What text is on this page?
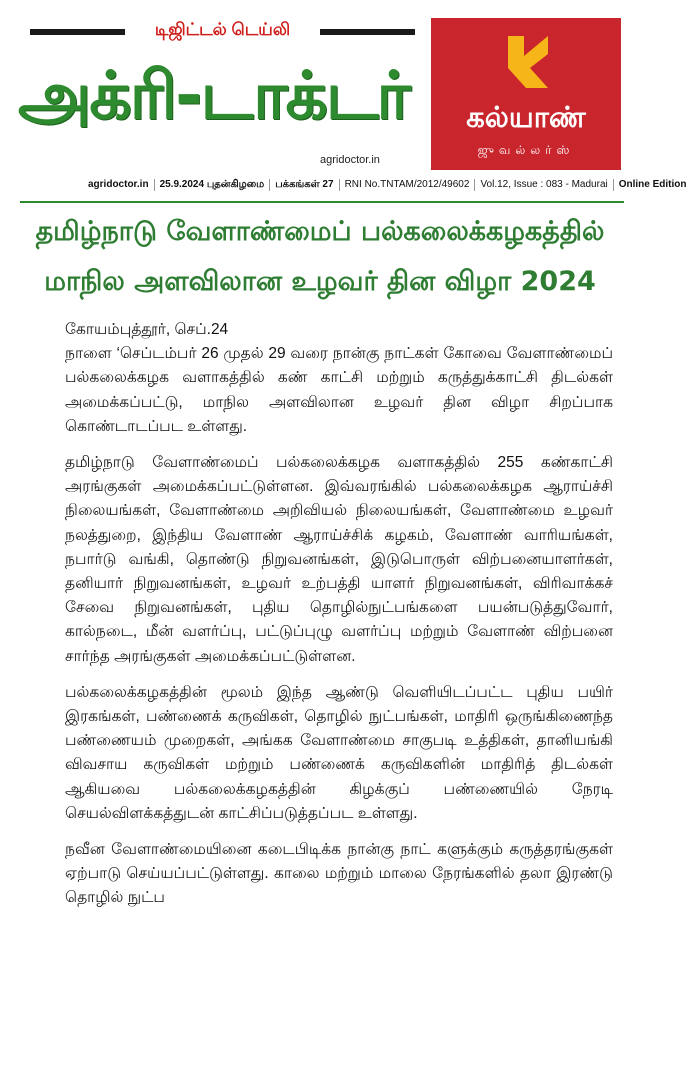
டிஜிட்டல் டெய்லி
அக்ரி-டாக்டர்
agridoctor.in
கல்யாண்
ஜுவல்லர்ஸ்
agridoctor.in	25.9.2024 புதன்கிழமை	பக்கங்கள் 27	RNI No.TNTAM/2012/49602	Vol.12, Issue : 083 - Madurai	Online Edition
தமிழ்நாடு வேளாண்மைப் பல்கலைக்கழகத்தில்
மாநில அளவிலான உழவர் தின விழா 2024

கோயம்புத்தூர், செப்.24

நாளை ‘செப்டம்பர் 26 முதல் 29 வரை நான்கு நாட்கள் கோவை வேளாண்மைப் பல்கலைக்கழக வளாகத்தில் கண் காட்சி மற்றும் கருத்துக்காட்சி திடல்கள் அமைக்கப்பட்டு, மாநில அளவிலான உழவர் தின விழா சிறப்பாக கொண்டாடப்பட உள்ளது.

தமிழ்நாடு வேளாண்மைப் பல்கலைக்கழக வளாகத்தில் 255 கண்காட்சி அரங்குகள் அமைக்கப்பட்டுள்ளன. இவ்வரங்கில் பல்கலைக்கழக ஆராய்ச்சி நிலையங்கள், வேளாண்மை அறிவியல் நிலையங்கள், வேளாண்மை உழவர் நலத்துறை, இந்திய வேளாண் ஆராய்ச்சிக் கழகம், வேளாண் வாரியங்கள், நபார்டு வங்கி, தொண்டு நிறுவனங்கள், இடுபொருள் விற்பனையாளர்கள், தனியார் நிறுவனங்கள், உழவர் உற்பத்தி யாளர் நிறுவனங்கள், விரிவாக்கச் சேவை நிறுவனங்கள், புதிய தொழில்நுட்பங்களை பயன்படுத்துவோர், கால்நடை, மீன் வளர்ப்பு, பட்டுப்புழு வளர்ப்பு மற்றும் வேளாண் விற்பனை சார்ந்த அரங்குகள் அமைக்கப்பட்டுள்ளன.

பல்கலைக்கழகத்தின் மூலம் இந்த ஆண்டு வெளியிடப்பட்ட புதிய பயிர் இரகங்கள், பண்ணைக் கருவிகள், தொழில் நுட்பங்கள், மாதிரி ஒருங்கிணைந்த பண்ணையம் முறைகள், அங்கக வேளாண்மை சாகுபடி உத்திகள், தானியங்கி விவசாய கருவிகள் மற்றும் பண்ணைக் கருவிகளின் மாதிரித் திடல்கள் ஆகியவை பல்கலைக்கழகத்தின் கிழக்குப் பண்ணையில் நேரடி செயல்விளக்கத்துடன் காட்சிப்படுத்தப்பட உள்ளது.

நவீன வேளாண்மையினை கடைபிடிக்க நான்கு நாட் களுக்கும் கருத்தரங்குகள் ஏற்பாடு செய்யப்பட்டுள்ளது. காலை மற்றும் மாலை நேரங்களில் தலா இரண்டு தொழில் நுட்ப
